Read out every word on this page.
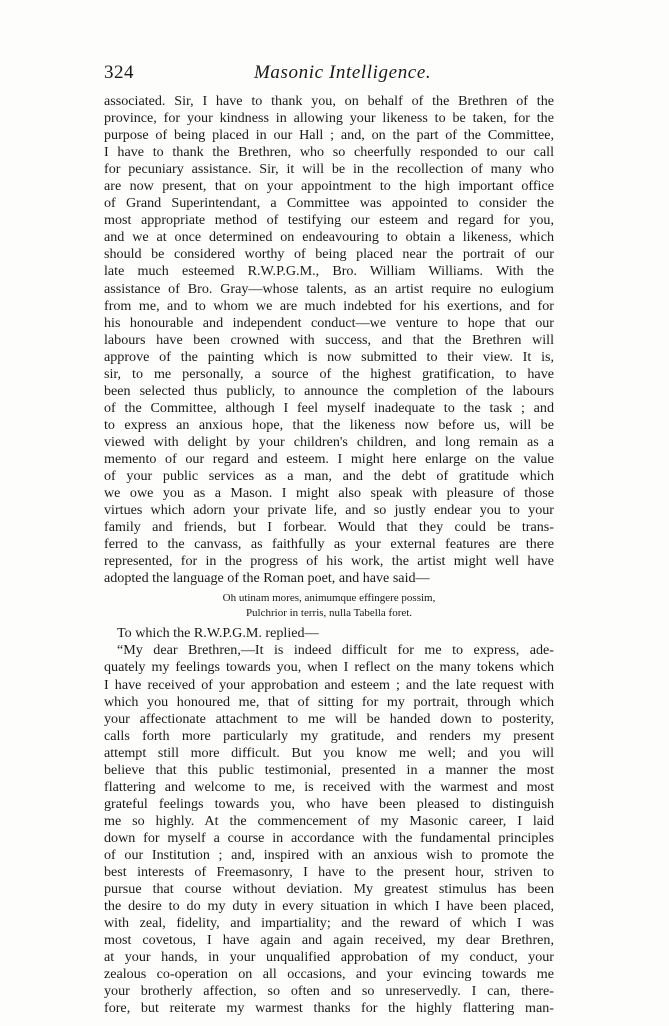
324	Masonic Intelligence.
associated. Sir, I have to thank you, on behalf of the Brethren of the
province, for your kindness in allowing your likeness to be taken, for the
purpose of being placed in our Hall ; and, on the part of the Committee,
I have to thank the Brethren, who so cheerfully responded to our call
for pecuniary assistance. Sir, it will be in the recollection of many who
are now present, that on your appointment to the high important office
of Grand Superintendant, a Committee was appointed to consider the
most appropriate method of testifying our esteem and regard for you,
and we at once determined on endeavouring to obtain a likeness, which
should be considered worthy of being placed near the portrait of our
late much esteemed R.W.P.G.M., Bro. William Williams. With the
assistance of Bro. Gray—whose talents, as an artist require no eulogium
from me, and to whom we are much indebted for his exertions, and for
his honourable and independent conduct—we venture to hope that our
labours have been crowned with success, and that the Brethren will
approve of the painting which is now submitted to their view. It is,
sir, to me personally, a source of the highest gratification, to have
been selected thus publicly, to announce the completion of the labours
of the Committee, although I feel myself inadequate to the task ; and
to express an anxious hope, that the likeness now before us, will be
viewed with delight by your children's children, and long remain as a
memento of our regard and esteem. I might here enlarge on the value
of your public services as a man, and the debt of gratitude which
we owe you as a Mason. I might also speak with pleasure of those
virtues which adorn your private life, and so justly endear you to your
family and friends, but I forbear. Would that they could be trans-
ferred to the canvass, as faithfully as your external features are there
represented, for in the progress of his work, the artist might well have
adopted the language of the Roman poet, and have said—
Oh utinam mores, animumque effingere possim,
Pulchrior in terris, nulla Tabella foret.
To which the R.W.P.G.M. replied—
“My dear Brethren,—It is indeed difficult for me to express, ade-
quately my feelings towards you, when I reflect on the many tokens which
I have received of your approbation and esteem ; and the late request with
which you honoured me, that of sitting for my portrait, through which
your affectionate attachment to me will be handed down to posterity,
calls forth more particularly my gratitude, and renders my present
attempt still more difficult. But you know me well; and you will
believe that this public testimonial, presented in a manner the most
flattering and welcome to me, is received with the warmest and most
grateful feelings towards you, who have been pleased to distinguish
me so highly. At the commencement of my Masonic career, I laid
down for myself a course in accordance with the fundamental principles
of our Institution ; and, inspired with an anxious wish to promote the
best interests of Freemasonry, I have to the present hour, striven to
pursue that course without deviation. My greatest stimulus has been
the desire to do my duty in every situation in which I have been placed,
with zeal, fidelity, and impartiality; and the reward of which I was
most covetous, I have again and again received, my dear Brethren,
at your hands, in your unqualified approbation of my conduct, your
zealous co-operation on all occasions, and your evincing towards me
your brotherly affection, so often and so unreservedly. I can, there-
fore, but reiterate my warmest thanks for the highly flattering man-
